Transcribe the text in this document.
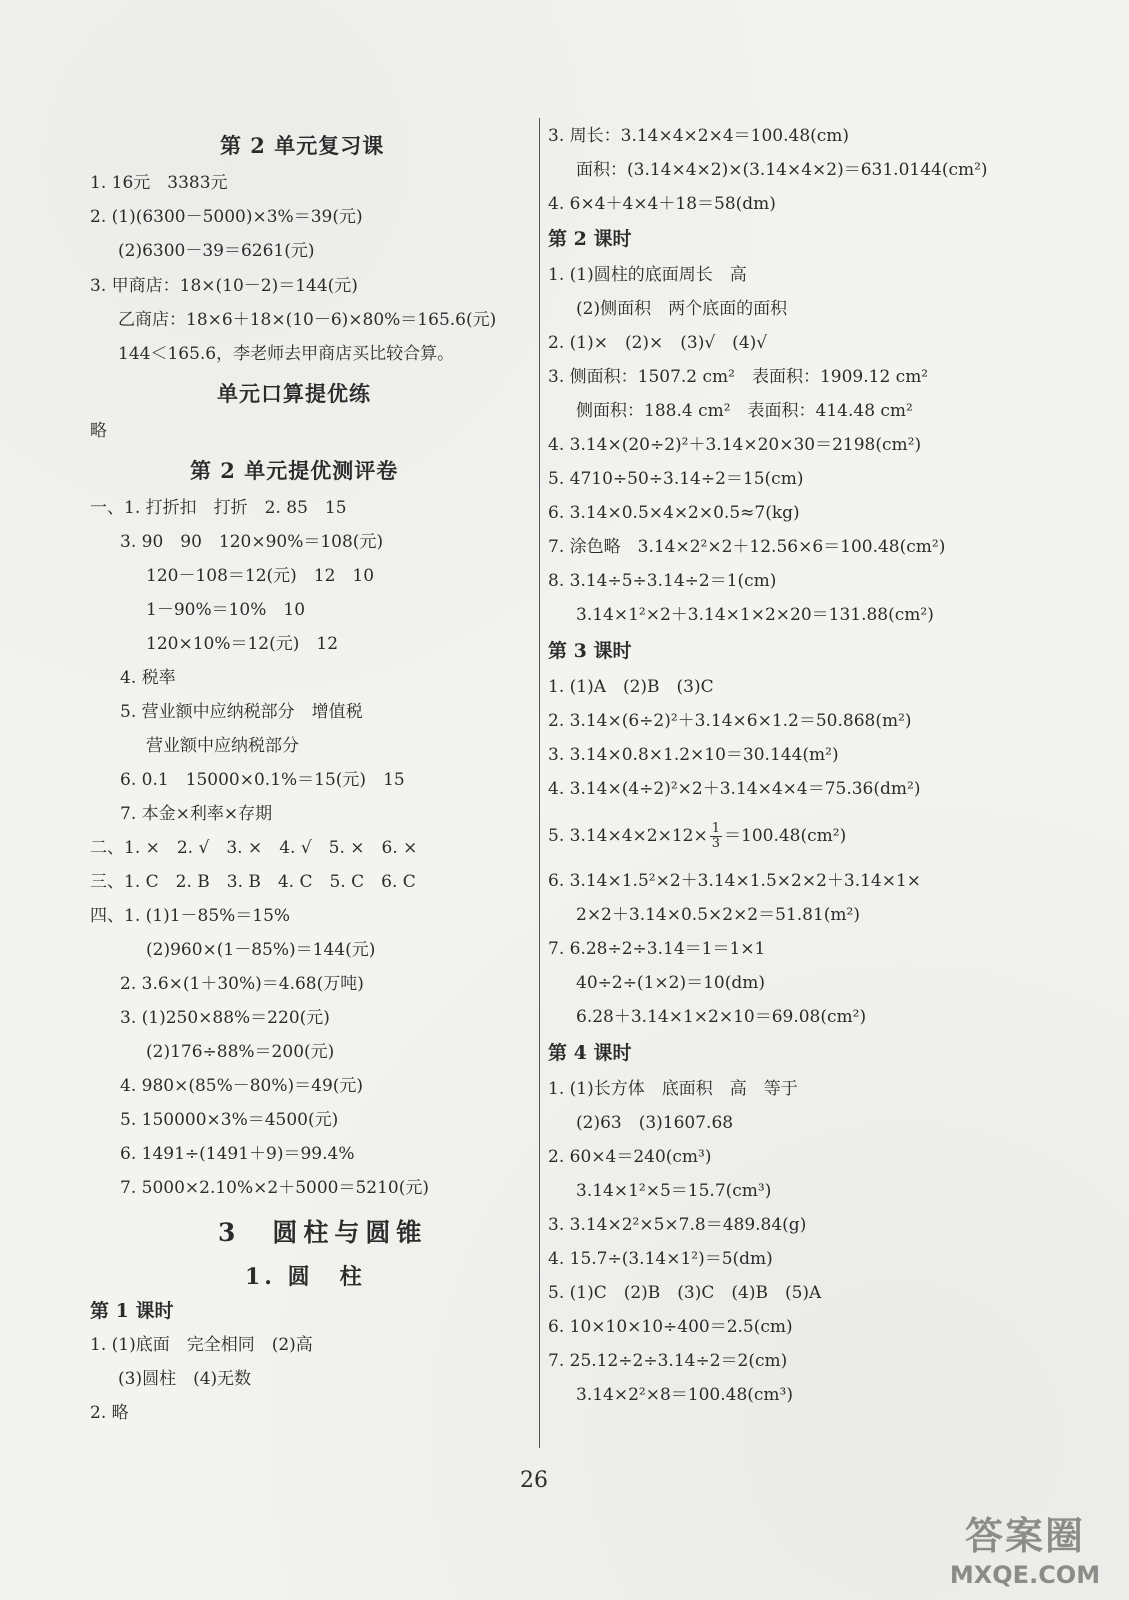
第 2 单元复习课
1. 16元　3383元
2. (1)(6300－5000)×3%＝39(元)
(2)6300－39＝6261(元)
3. 甲商店：18×(10－2)＝144(元)
乙商店：18×6＋18×(10－6)×80%＝165.6(元)
144＜165.6，李老师去甲商店买比较合算。
单元口算提优练
略
第 2 单元提优测评卷
一、1. 打折扣　打折　2. 85　15
3. 90　90　120×90%＝108(元)
120－108＝12(元)　12　10
1－90%＝10%　10
120×10%＝12(元)　12
4. 税率
5. 营业额中应纳税部分　增值税
营业额中应纳税部分
6. 0.1　15000×0.1%＝15(元)　15
7. 本金×利率×存期
二、1. ×　2. √　3. ×　4. √　5. ×　6. ×
三、1. C　2. B　3. B　4. C　5. C　6. C
四、1. (1)1－85%＝15%
(2)960×(1－85%)＝144(元)
2. 3.6×(1＋30%)＝4.68(万吨)
3. (1)250×88%＝220(元)
(2)176÷88%＝200(元)
4. 980×(85%－80%)＝49(元)
5. 150000×3%＝4500(元)
6. 1491÷(1491＋9)＝99.4%
7. 5000×2.10%×2＋5000＝5210(元)
3　圆柱与圆锥
1. 圆　柱
第 1 课时
1. (1)底面　完全相同　(2)高
(3)圆柱　(4)无数
2. 略
3. 周长：3.14×4×2×4＝100.48(cm)
面积：(3.14×4×2)×(3.14×4×2)＝631.0144(cm²)
4. 6×4＋4×4＋18＝58(dm)
第 2 课时
1. (1)圆柱的底面周长　高
(2)侧面积　两个底面的面积
2. (1)×　(2)×　(3)√　(4)√
3. 侧面积：1507.2 cm²　表面积：1909.12 cm²
侧面积：188.4 cm²　表面积：414.48 cm²
4. 3.14×(20÷2)²＋3.14×20×30＝2198(cm²)
5. 4710÷50÷3.14÷2＝15(cm)
6. 3.14×0.5×4×2×0.5≈7(kg)
7. 涂色略　3.14×2²×2＋12.56×6＝100.48(cm²)
8. 3.14÷5÷3.14÷2＝1(cm)
3.14×1²×2＋3.14×1×2×20＝131.88(cm²)
第 3 课时
1. (1)A　(2)B　(3)C
2. 3.14×(6÷2)²＋3.14×6×1.2＝50.868(m²)
3. 3.14×0.8×1.2×10＝30.144(m²)
4. 3.14×(4÷2)²×2＋3.14×4×4＝75.36(dm²)
5. $3.14\times 4\times 2\times 12\times \frac{1}{3} =100.48(cm^2)$
6. 3.14×1.5²×2＋3.14×1.5×2×2＋3.14×1×
2×2＋3.14×0.5×2×2＝51.81(m²)
7. 6.28÷2÷3.14＝1＝1×1
40÷2÷(1×2)＝10(dm)
6.28＋3.14×1×2×10＝69.08(cm²)
第 4 课时
1. (1)长方体　底面积　高　等于
(2)63　(3)1607.68
2. 60×4＝240(cm³)
3.14×1²×5＝15.7(cm³)
3. 3.14×2²×5×7.8＝489.84(g)
4. 15.7÷(3.14×1²)＝5(dm)
5. (1)C　(2)B　(3)C　(4)B　(5)A
6. 10×10×10÷400＝2.5(cm)
7. 25.12÷2÷3.14÷2＝2(cm)
3.14×2²×8＝100.48(cm³)
26
答案圈
MXQE.COM
